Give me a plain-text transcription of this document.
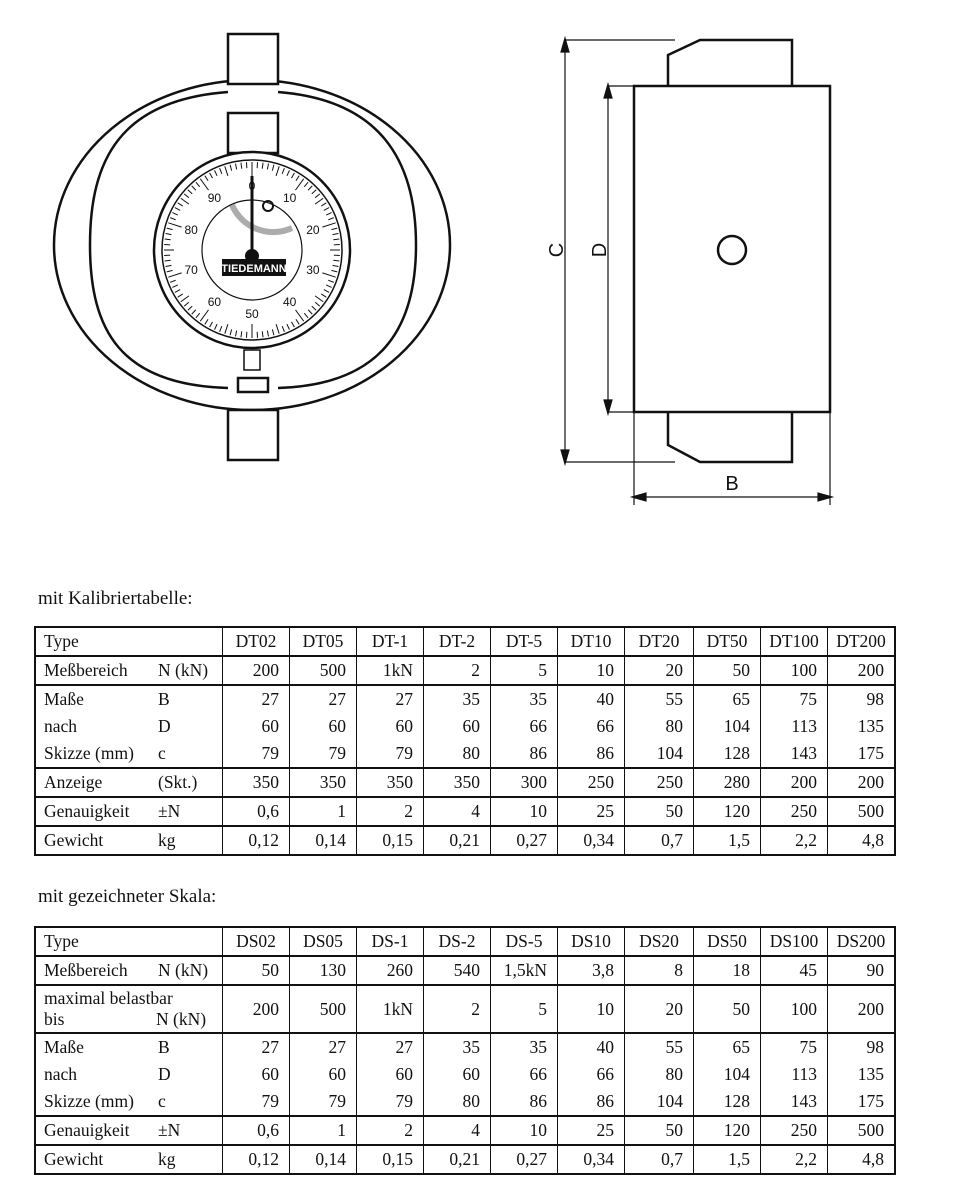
0
10
20
30
40
50
60
70
80
90
TIEDEMANN
C D
B
mit Kalibriertabelle:
Type	DT02	DT05	DT-1	DT-2	DT-5	DT10	DT20	DT50	DT100	DT200
Meßbereich N (kN)	200	500	1kN	2	5	10	20	50	100	200
Maße B	27	27	27	35	35	40	55	65	75	98
nach D	60	60	60	60	66	66	80	104	113	135
Skizze (mm) c	79	79	79	80	86	86	104	128	143	175
Anzeige (Skt.)	350	350	350	350	300	250	250	280	200	200
Genauigkeit ±N	0,6	1	2	4	10	25	50	120	250	500
Gewicht kg	0,12	0,14	0,15	0,21	0,27	0,34	0,7	1,5	2,2	4,8
mit gezeichneter Skala:
Type	DS02	DS05	DS-1	DS-2	DS-5	DS10	DS20	DS50	DS100	DS200
Meßbereich N (kN)	50	130	260	540	1,5kN	3,8	8	18	45	90

maximal belastbar
bis N (kN)	200	500	1kN	2	5	10	20	50	100	200
Maße B	27	27	27	35	35	40	55	65	75	98
nach D	60	60	60	60	66	66	80	104	113	135
Skizze (mm) c	79	79	79	80	86	86	104	128	143	175
Genauigkeit ±N	0,6	1	2	4	10	25	50	120	250	500
Gewicht kg	0,12	0,14	0,15	0,21	0,27	0,34	0,7	1,5	2,2	4,8
